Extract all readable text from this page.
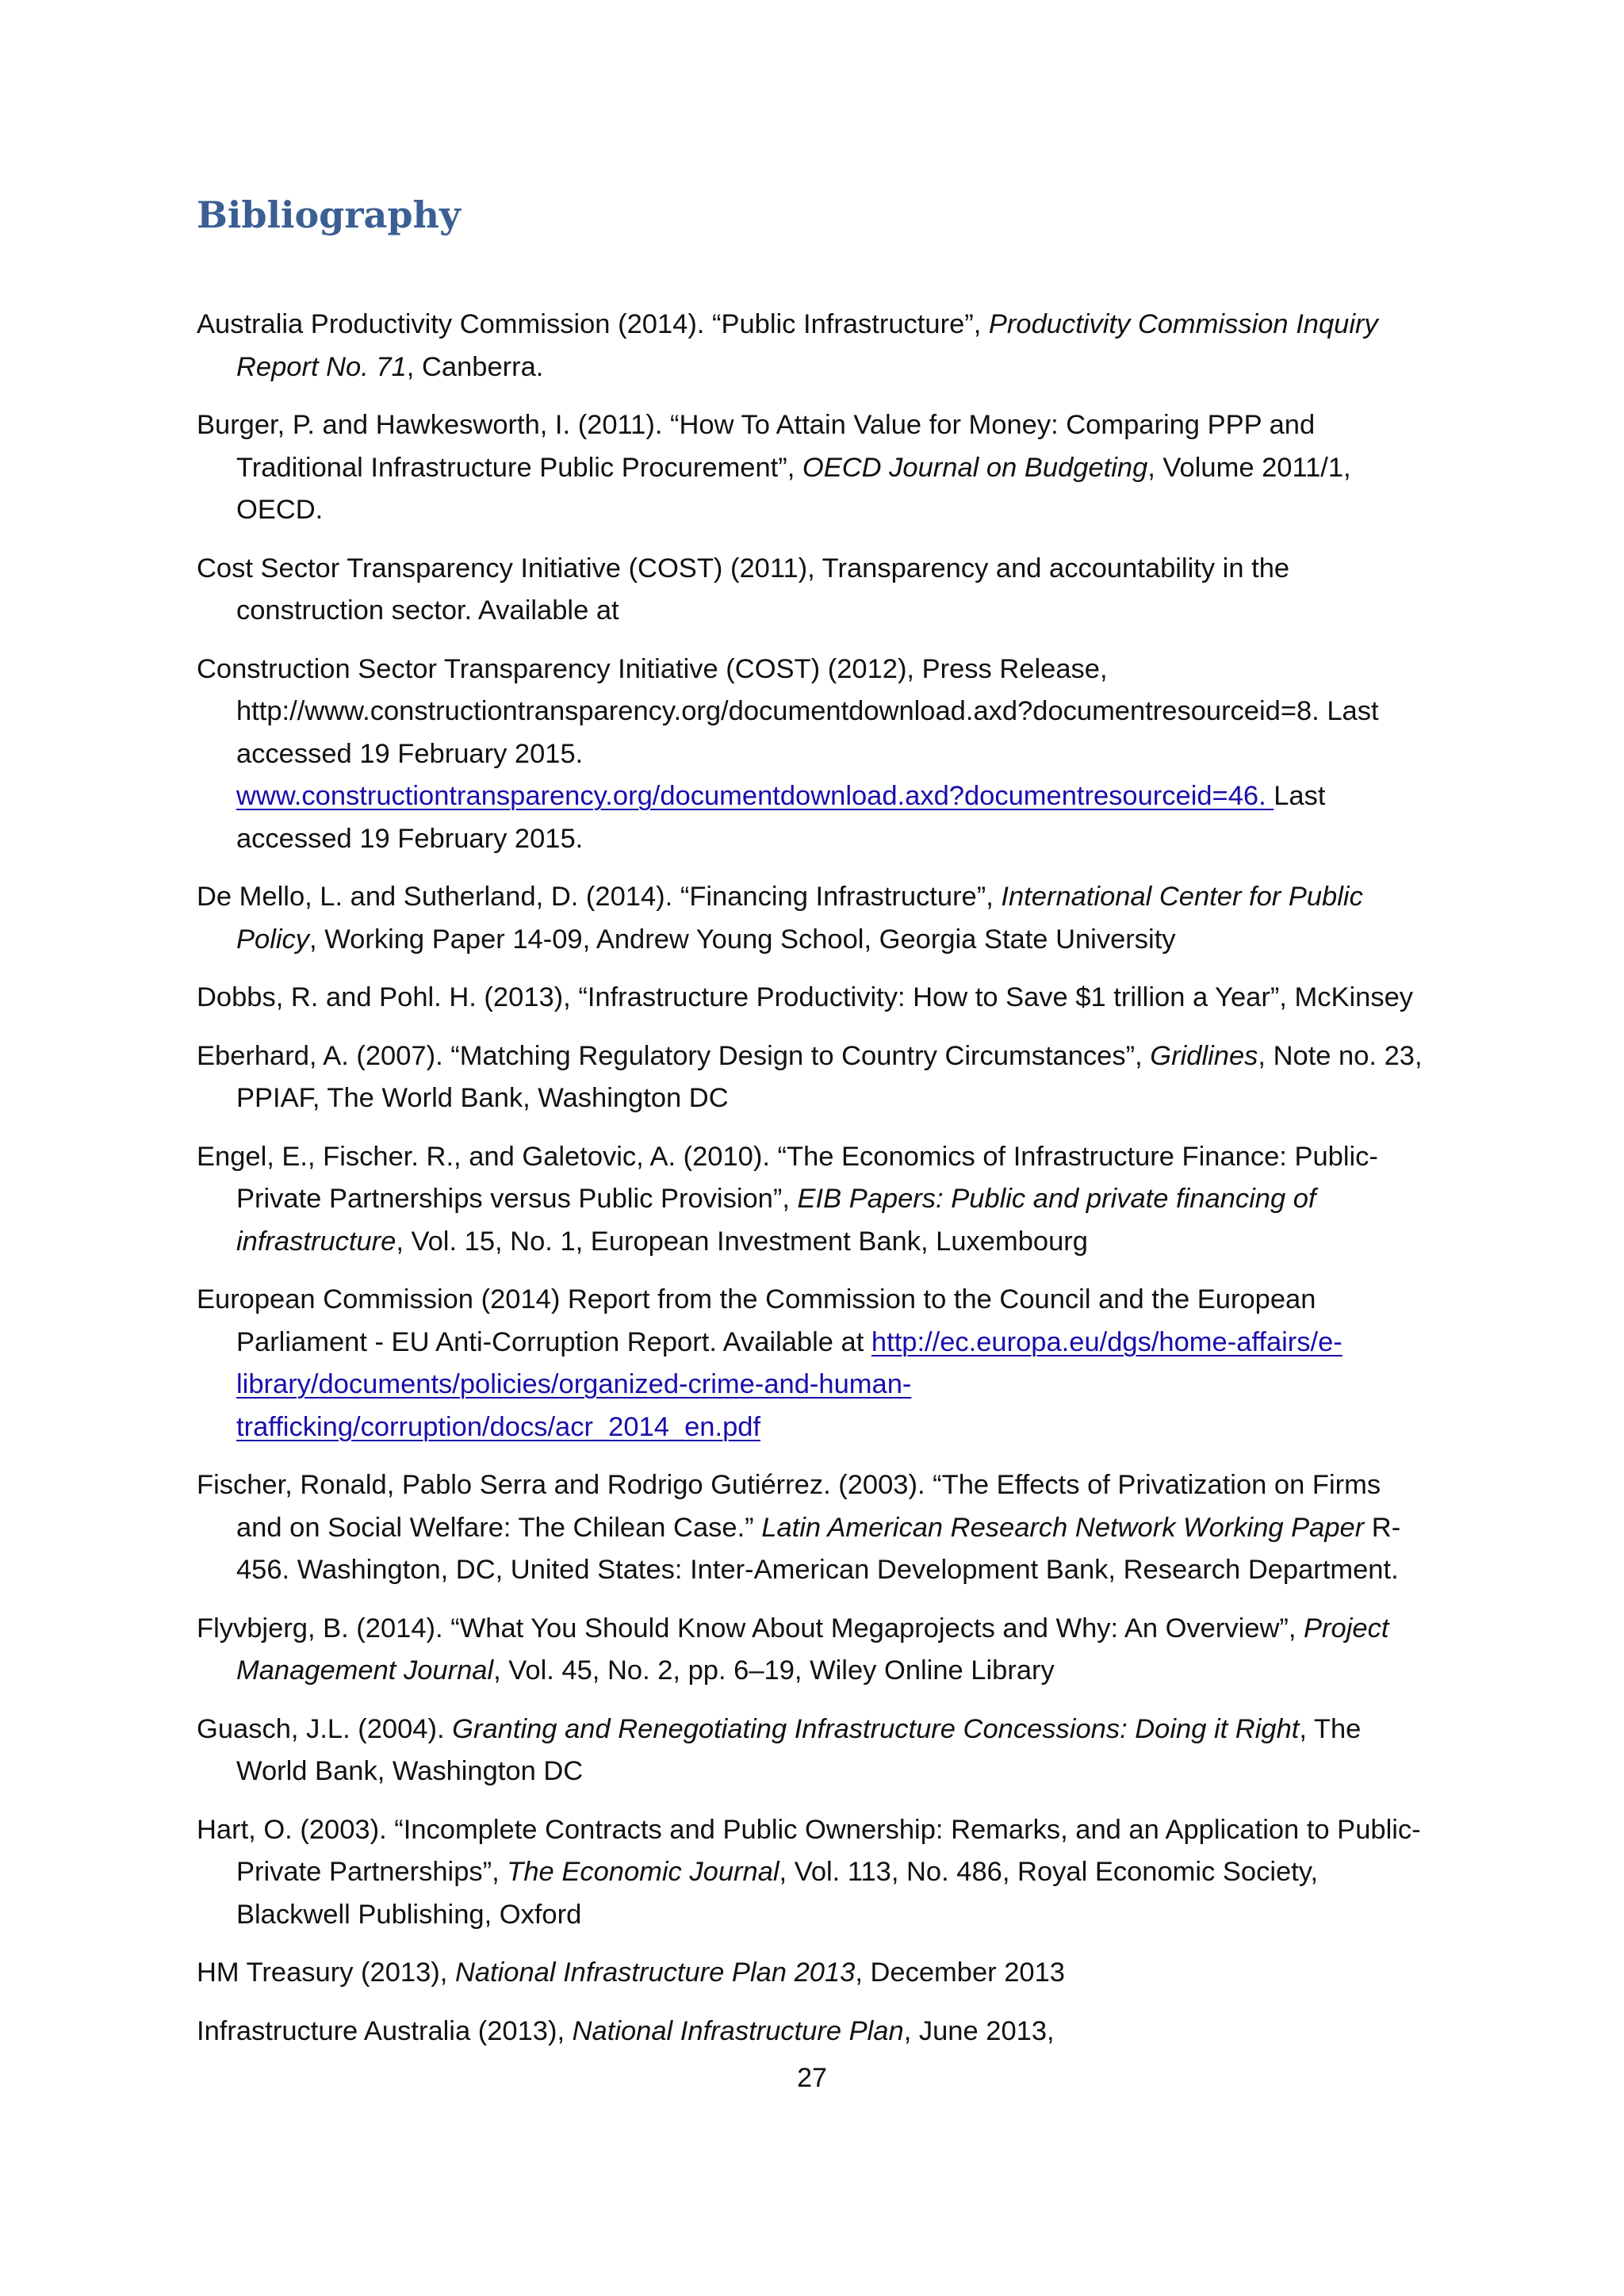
Bibliography

Australia Productivity Commission (2014). “Public Infrastructure”, Productivity Commission Inquiry Report No. 71, Canberra.

Burger, P. and Hawkesworth, I. (2011). “How To Attain Value for Money: Comparing PPP and Traditional Infrastructure Public Procurement”, OECD Journal on Budgeting, Volume 2011/1, OECD.

Cost Sector Transparency Initiative (COST) (2011), Transparency and accountability in the construction sector. Available at

Construction Sector Transparency Initiative (COST) (2012), Press Release, http://www.constructiontransparency.org/documentdownload.axd?documentresourceid=8. Last accessed 19 February 2015.
www.constructiontransparency.org/documentdownload.axd?documentresourceid=46. Last accessed 19 February 2015.

De Mello, L. and Sutherland, D. (2014). “Financing Infrastructure”, International Center for Public Policy, Working Paper 14-09, Andrew Young School, Georgia State University

Dobbs, R. and Pohl. H. (2013), “Infrastructure Productivity: How to Save $1 trillion a Year”, McKinsey

Eberhard, A. (2007). “Matching Regulatory Design to Country Circumstances”, Gridlines, Note no. 23, PPIAF, The World Bank, Washington DC

Engel, E., Fischer. R., and Galetovic, A. (2010). “The Economics of Infrastructure Finance: Public-Private Partnerships versus Public Provision”, EIB Papers: Public and private financing of infrastructure, Vol. 15, No. 1, European Investment Bank, Luxembourg

European Commission (2014) Report from the Commission to the Council and the European Parliament - EU Anti-Corruption Report. Available at http://ec.europa.eu/dgs/home-affairs/e-library/documents/policies/organized-crime-and-human-trafficking/corruption/docs/acr_2014_en.pdf

Fischer, Ronald, Pablo Serra and Rodrigo Gutiérrez. (2003). “The Effects of Privatization on Firms and on Social Welfare: The Chilean Case.” Latin American Research Network Working Paper R-456. Washington, DC, United States: Inter-American Development Bank, Research Department.

Flyvbjerg, B. (2014). “What You Should Know About Megaprojects and Why: An Overview”, Project Management Journal, Vol. 45, No. 2, pp. 6–19, Wiley Online Library

Guasch, J.L. (2004). Granting and Renegotiating Infrastructure Concessions: Doing it Right, The World Bank, Washington DC

Hart, O. (2003). “Incomplete Contracts and Public Ownership: Remarks, and an Application to Public-Private Partnerships”, The Economic Journal, Vol. 113, No. 486, Royal Economic Society, Blackwell Publishing, Oxford

HM Treasury (2013), National Infrastructure Plan 2013, December 2013

Infrastructure Australia (2013), National Infrastructure Plan, June 2013,

27
